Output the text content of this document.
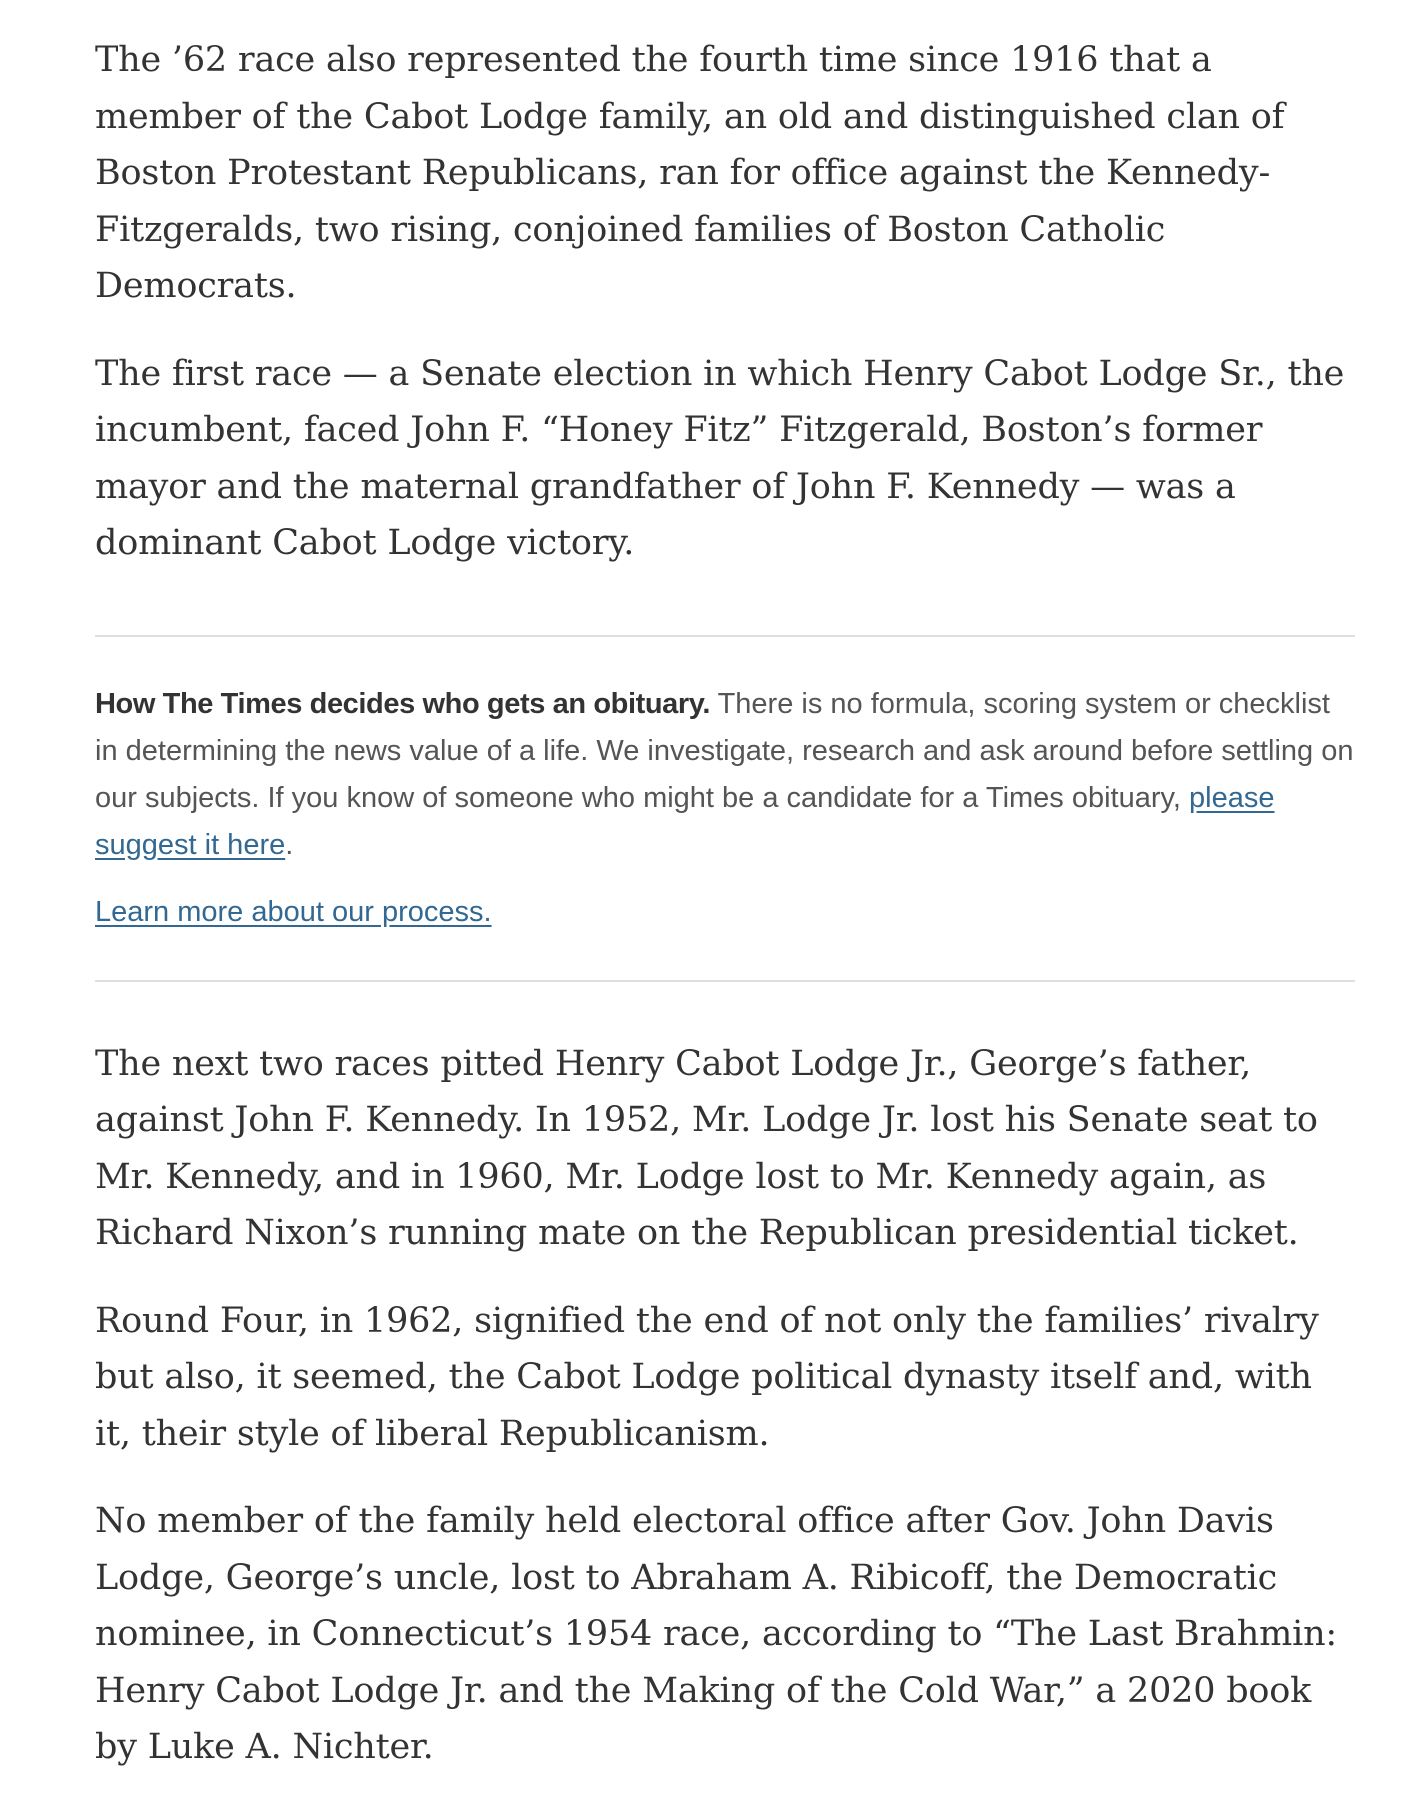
The ’62 race also represented the fourth time since 1916 that a member of the Cabot Lodge family, an old and distinguished clan of Boston Protestant Republicans, ran for office against the Kennedy-Fitzgeralds, two rising, conjoined families of Boston Catholic Democrats.

The first race — a Senate election in which Henry Cabot Lodge Sr., the incumbent, faced John F. “Honey Fitz” Fitzgerald, Boston’s former mayor and the maternal grandfather of John F. Kennedy — was a dominant Cabot Lodge victory.

How The Times decides who gets an obituary. There is no formula, scoring system or checklist in determining the news value of a life. We investigate, research and ask around before settling on our subjects. If you know of someone who might be a candidate for a Times obituary, please suggest it here.

Learn more about our process.

The next two races pitted Henry Cabot Lodge Jr., George’s father, against John F. Kennedy. In 1952, Mr. Lodge Jr. lost his Senate seat to Mr. Kennedy, and in 1960, Mr. Lodge lost to Mr. Kennedy again, as Richard Nixon’s running mate on the Republican presidential ticket.

Round Four, in 1962, signified the end of not only the families’ rivalry but also, it seemed, the Cabot Lodge political dynasty itself and, with it, their style of liberal Republicanism.

No member of the family held electoral office after Gov. John Davis Lodge, George’s uncle, lost to Abraham A. Ribicoff, the Democratic nominee, in Connecticut’s 1954 race, according to “The Last Brahmin: Henry Cabot Lodge Jr. and the Making of the Cold War,” a 2020 book by Luke A. Nichter.
